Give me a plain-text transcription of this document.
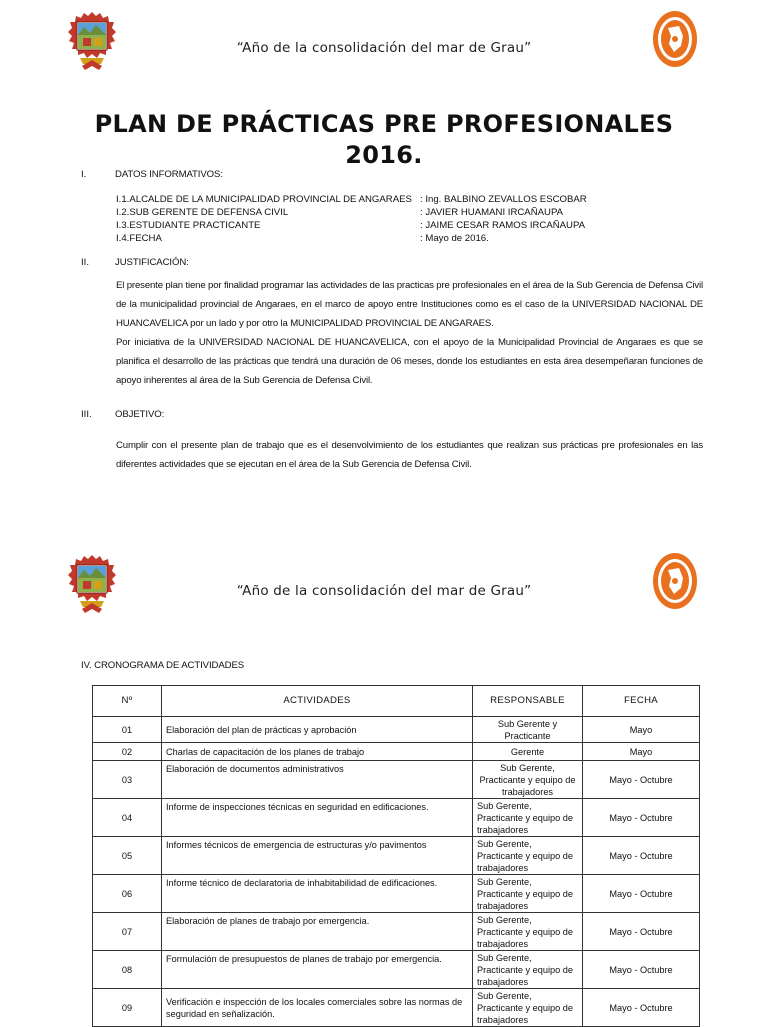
“Año de la consolidación del mar de Grau”
PLAN DE PRÁCTICAS PRE PROFESIONALES
2016.
I.	DATOS INFORMATIVOS:
I.1.ALCALDE DE LA MUNICIPALIDAD PROVINCIAL DE ANGARAES : Ing. BALBINO ZEVALLOS ESCOBAR
I.2.SUB GERENTE DE DEFENSA CIVIL	: JAVIER HUAMANI IRCAÑAUPA
I.3.ESTUDIANTE PRACTICANTE	: JAIME CESAR RAMOS IRCAÑAUPA
I.4.FECHA	: Mayo de 2016.
II.	JUSTIFICACIÓN:

El presente plan tiene por finalidad programar las actividades de las practicas pre profesionales en el área de la Sub Gerencia de Defensa Civil de la municipalidad provincial de Angaraes, en el marco de apoyo entre Instituciones como es el caso de la UNIVERSIDAD NACIONAL DE HUANCAVELICA por un lado y por otro la MUNICIPALIDAD PROVINCIAL DE ANGARAES.

Por iniciativa de la UNIVERSIDAD NACIONAL DE HUANCAVELICA, con el apoyo de la Municipalidad Provincial de Angaraes es que se planifica el desarrollo de las prácticas que tendrá una duración de 06 meses, donde los estudiantes en esta área desempeñaran funciones de apoyo inherentes al área de la Sub Gerencia de Defensa Civil.

III. OBJETIVO:

Cumplir con el presente plan de trabajo que es el desenvolvimiento de los estudiantes que realizan sus prácticas pre profesionales en las diferentes actividades que se ejecutan en el área de la Sub Gerencia de Defensa Civil.

“Año de la consolidación del mar de Grau”
IV. CRONOGRAMA DE ACTIVIDADES
Nº	ACTIVIDADES	RESPONSABLE	FECHA
01	Elaboración del plan de prácticas y aprobación	Sub Gerente y Practicante	Mayo
02	Charlas de capacitación de los planes de trabajo	Gerente	Mayo
03	Elaboración de documentos administrativos	Sub Gerente, Practicante y equipo de trabajadores	Mayo - Octubre
04	Informe de inspecciones técnicas en seguridad en edificaciones.	Sub Gerente, Practicante y equipo de trabajadores	Mayo - Octubre
05	Informes técnicos de emergencia de estructuras y/o pavimentos	Sub Gerente, Practicante y equipo de trabajadores	Mayo - Octubre
06	Informe técnico de declaratoria de inhabitabilidad de edificaciones.	Sub Gerente, Practicante y equipo de trabajadores	Mayo - Octubre
07	Elaboración de planes de trabajo por emergencia.	Sub Gerente, Practicante y equipo de trabajadores	Mayo - Octubre
08	Formulación de presupuestos de planes de trabajo por emergencia.	Sub Gerente, Practicante y equipo de trabajadores	Mayo - Octubre
09	Verificación e inspección de los locales comerciales sobre las normas de seguridad en señalización.	Sub Gerente, Practicante y equipo de trabajadores	Mayo - Octubre
